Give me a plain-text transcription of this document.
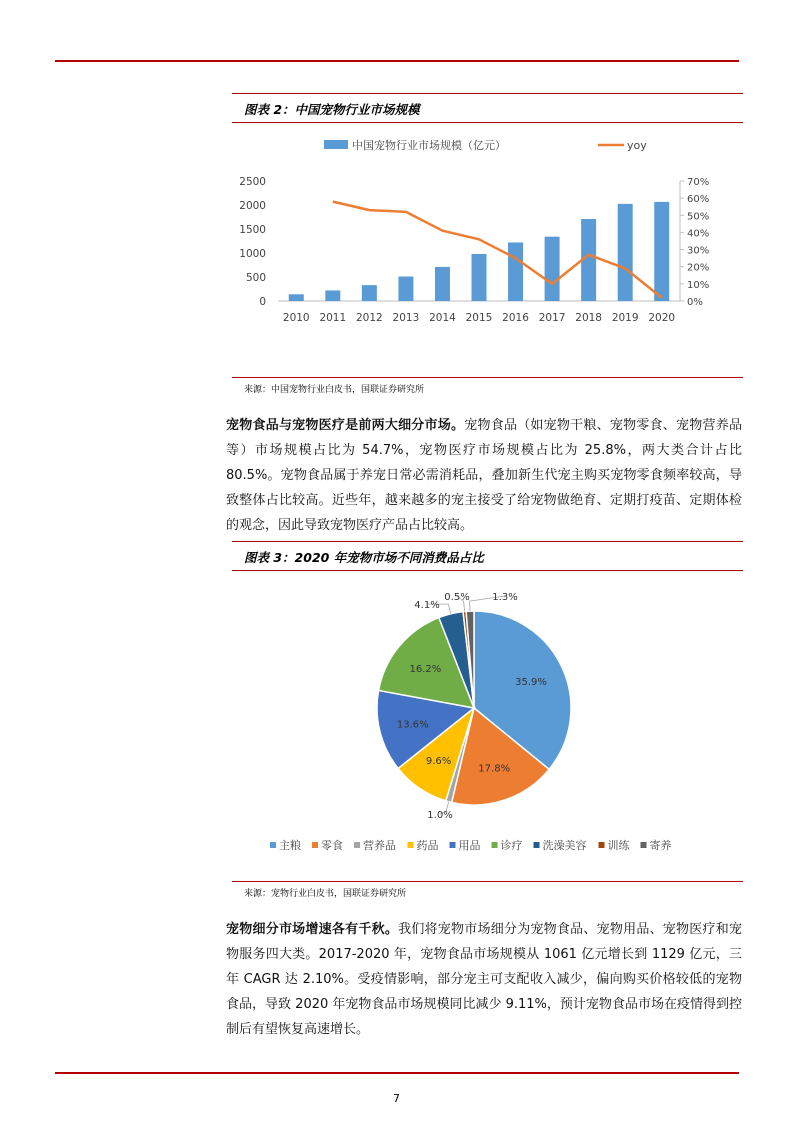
图表 2：中国宠物行业市场规模
中国宠物行业市场规模（亿元）	yoy
0
500
1000
1500
2000
2500
0%
10%
20%
30%
40%
50%
60%
70%
2010 2011 2012 2013 2014 2015 2016 2017 2018 2019 2020
来源：中国宠物行业白皮书，国联证券研究所
宠物食品与宠物医疗是前两大细分市场。宠物食品（如宠物干粮、宠物零食、宠物营养品等）市场规模占比为 54.7%，宠物医疗市场规模占比为 25.8%，两大类合计占比 80.5%。宠物食品属于养宠日常必需消耗品，叠加新生代宠主购买宠物零食频率较高，导致整体占比较高。近些年，越来越多的宠主接受了给宠物做绝育、定期打疫苗、定期体检的观念，因此导致宠物医疗产品占比较高。
图表 3：2020 年宠物市场不同消费品占比
35.9%
17.8%
1.0%
9.6%
13.6%
16.2%
4.1%
0.5% 1.3%
主粮 零食 营养品 药品 用品 诊疗 洗澡美容 训练 寄养
来源：宠物行业白皮书，国联证券研究所
宠物细分市场增速各有千秋。我们将宠物市场细分为宠物食品、宠物用品、宠物医疗和宠物服务四大类。2017-2020 年，宠物食品市场规模从 1061 亿元增长到 1129 亿元，三年 CAGR 达 2.10%。受疫情影响，部分宠主可支配收入减少，偏向购买价格较低的宠物食品，导致 2020 年宠物食品市场规模同比减少 9.11%，预计宠物食品市场在疫情得到控制后有望恢复高速增长。
7
